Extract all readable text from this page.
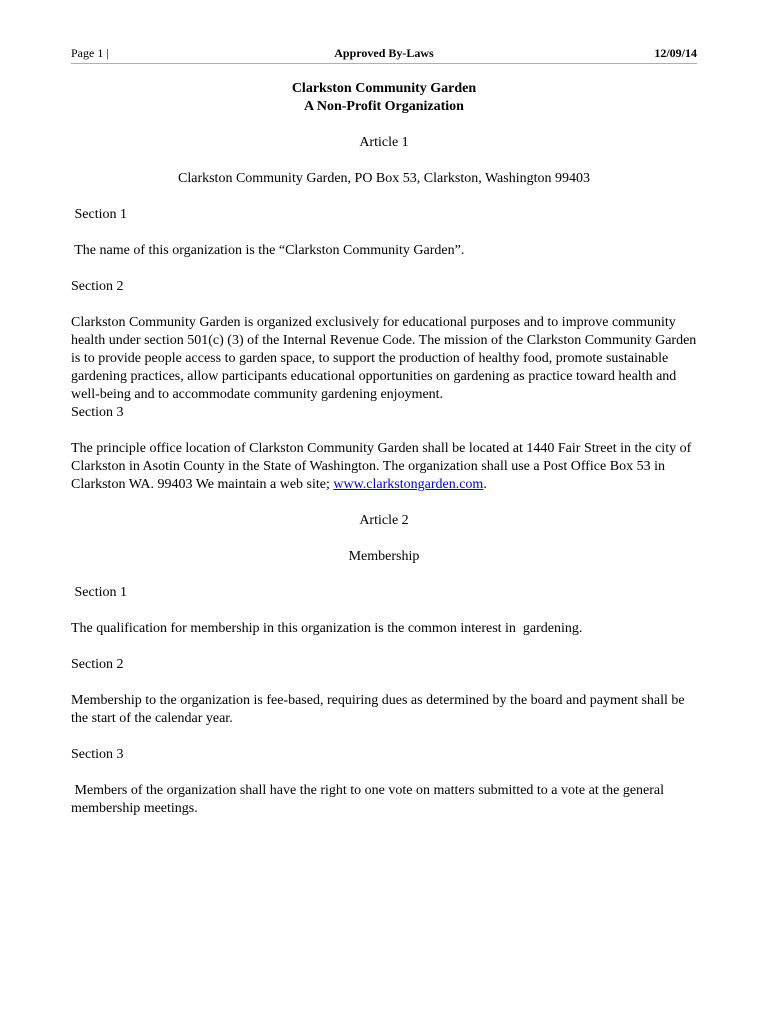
Page 1 |	Approved By-Laws	12/09/14

Clarkston Community Garden

A Non-Profit Organization

Article 1

Clarkston Community Garden, PO Box 53, Clarkston, Washington 99403

Section 1

The name of this organization is the “Clarkston Community Garden”.

Section 2

Clarkston Community Garden is organized exclusively for educational purposes and to improve community health under section 501(c) (3) of the Internal Revenue Code. The mission of the Clarkston Community Garden is to provide people access to garden space, to support the production of healthy food, promote sustainable gardening practices, allow participants educational opportunities on gardening as practice toward health and well-being and to accommodate community gardening enjoyment.

Section 3

The principle office location of Clarkston Community Garden shall be located at 1440 Fair Street in the city of Clarkston in Asotin County in the State of Washington. The organization shall use a Post Office Box 53 in Clarkston WA. 99403 We maintain a web site; www.clarkstongarden.com.

Article 2

Membership

Section 1

The qualification for membership in this organization is the common interest in  gardening.

Section 2

Membership to the organization is fee-based, requiring dues as determined by the board and payment shall be the start of the calendar year.

Section 3

Members of the organization shall have the right to one vote on matters submitted to a vote at the general membership meetings.
